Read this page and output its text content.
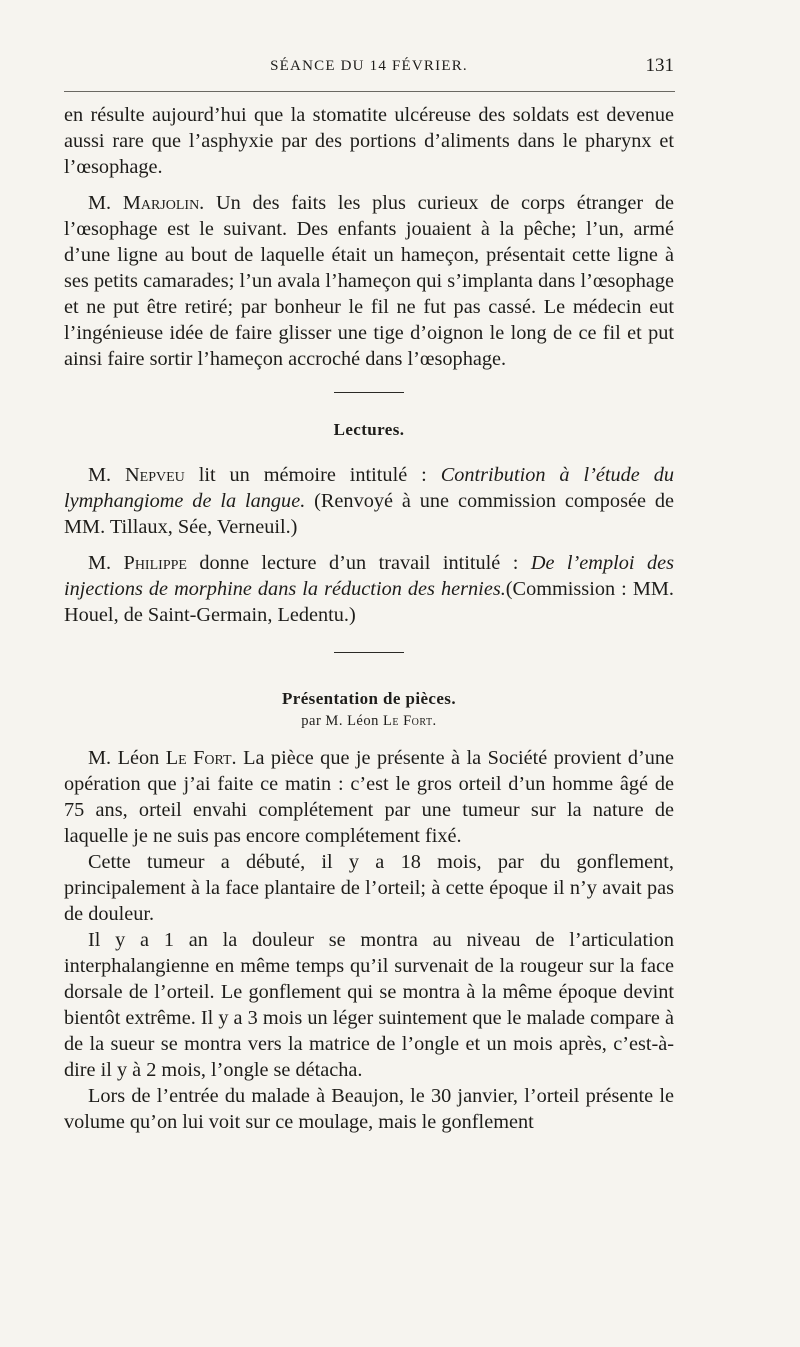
SÉANCE DU 14 FÉVRIER.	131

en résulte aujourd’hui que la stomatite ulcéreuse des soldats est devenue aussi rare que l’asphyxie par des portions d’aliments dans le pharynx et l’œsophage.

M. Marjolin. Un des faits les plus curieux de corps étranger de l’œsophage est le suivant. Des enfants jouaient à la pêche; l’un, armé d’une ligne au bout de laquelle était un hameçon, présentait cette ligne à ses petits camarades; l’un avala l’hameçon qui s’implanta dans l’œsophage et ne put être retiré; par bonheur le fil ne fut pas cassé. Le médecin eut l’ingénieuse idée de faire glisser une tige d’oignon le long de ce fil et put ainsi faire sortir l’hameçon accroché dans l’œsophage.

Lectures.

M. Nepveu lit un mémoire intitulé : Contribution à l’étude du lymphangiome de la langue. (Renvoyé à une commission composée de MM. Tillaux, Sée, Verneuil.)

M. Philippe donne lecture d’un travail intitulé : De l’emploi des injections de morphine dans la réduction des hernies.(Commission : MM. Houel, de Saint-Germain, Ledentu.)

Présentation de pièces.
par M. Léon Le Fort.

M. Léon Le Fort. La pièce que je présente à la Société provient d’une opération que j’ai faite ce matin : c’est le gros orteil d’un homme âgé de 75 ans, orteil envahi complétement par une tumeur sur la nature de laquelle je ne suis pas encore complétement fixé.

Cette tumeur a débuté, il y a 18 mois, par du gonflement, principalement à la face plantaire de l’orteil; à cette époque il n’y avait pas de douleur.

Il y a 1 an la douleur se montra au niveau de l’articulation interphalangienne en même temps qu’il survenait de la rougeur sur la face dorsale de l’orteil. Le gonflement qui se montra à la même époque devint bientôt extrême. Il y a 3 mois un léger suintement que le malade compare à de la sueur se montra vers la matrice de l’ongle et un mois après, c’est-à-dire il y à 2 mois, l’ongle se détacha.

Lors de l’entrée du malade à Beaujon, le 30 janvier, l’orteil présente le volume qu’on lui voit sur ce moulage, mais le gonflement
